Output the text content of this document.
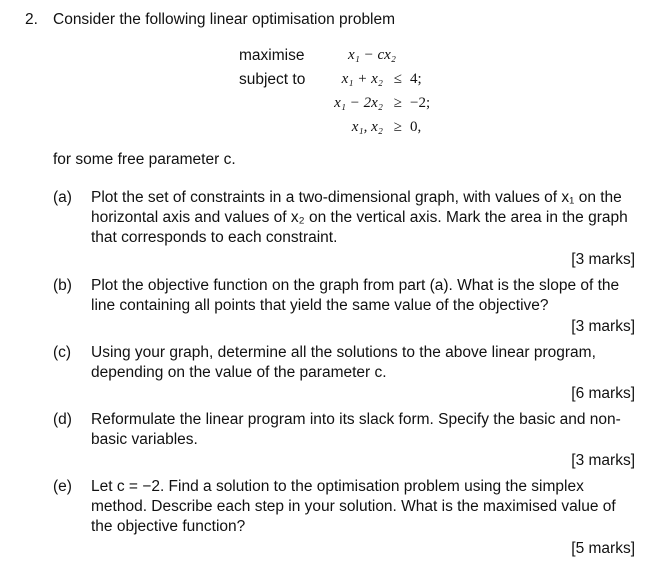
2. Consider the following linear optimisation problem
maximise
subject to
x₁ − cx₂
x₁ + x₂ ≤ 4;
x₁ − 2x₂ ≥ −2;
x₁, x₂ ≥ 0,
for some free parameter c.
(a) Plot the set of constraints in a two-dimensional graph, with values of x₁ on the horizontal axis and values of x₂ on the vertical axis. Mark the area in the graph that corresponds to each constraint.
[3 marks]
(b) Plot the objective function on the graph from part (a). What is the slope of the line containing all points that yield the same value of the objective?
[3 marks]
(c) Using your graph, determine all the solutions to the above linear program, depending on the value of the parameter c.
[6 marks]
(d) Reformulate the linear program into its slack form. Specify the basic and non-basic variables.
[3 marks]
(e) Let c = −2. Find a solution to the optimisation problem using the simplex method. Describe each step in your solution. What is the maximised value of the objective function?
[5 marks]
